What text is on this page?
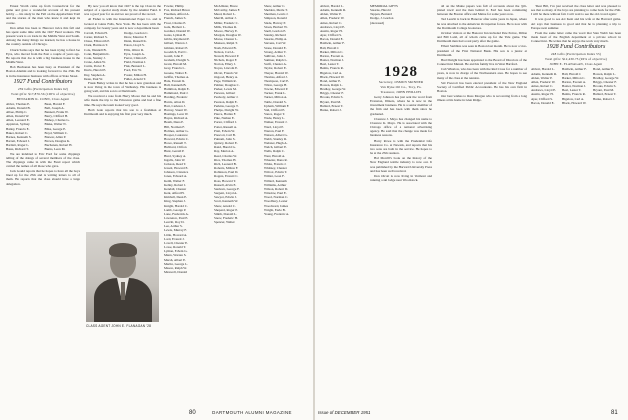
Ernest Worth came up from Connecticut for the game and gave a wonderful account of his present hobby — his study in the Fall on the Appalachian Trail and the stories of the men who knew it and kept its course.

Don Allen has been to Hanover twice this fall and has spent some time with the 1927 Fund workers. His present work is on trade in the Middle West and South. Among the many things we learned, he has a house in the country outside of Chicago.

Chuck Sarles says that he has been trying to find Joe Eyre, who moved from the East a couple of years ago. He reports that Joe is with a big business house in the Middle West.

Bob Buchanan has been busy as President of the Boston Alumni and is looking forward to the 25th. He is in the insurance business with offices at State Street.

1927 Fund Contributors

259 Gifts (Participation Index 62)

Total gifts: $17,876.56 (100% of objective)

BENJAMIN K. CONN, Class Agent

Abbot, Thomas E.
Adams, Donald B.
Albee, Philip C.
Allen, Donald W.
Allen, Leonard E.
Appleton, Sydney
Bailey, Francis E.
Baker, Robert C.
Barnes, Kenneth S.
Barrett, Edward J.
Bartlett, Roger L.
Bates, Richard T.
Bean, Harold F.
Bell, Joseph A.
Bennett, Frank W.
Berry, Clifford H.
Bishop, Charles G.
Blake, Walter N.
Bliss, George E.
Boyd, William C.
Brewer, Allan P.
Brown, Douglas K.
Buchanan, Robert H.
Burns, Leon M.

We are indebted to Eric Ford for some clippings telling of the doings of several members of the class. The clippings came in with the Fund report which carried the names of all those who gave.

Jack Gould reports that he hopes to have all the boys lined up for the 25th and is writing letters to all of them. He reports that the class should have a large delegation.

By now you all know that 1927 is the top Class in the subject of a special study made by the Alumni Fund. It was a good year for us and we are proud of the record.

Al Fisher is with the International Paper Co. and is located at Glens Falls, New York. He has been with the company for twenty years and is now a department head.

Carroll, Edwin H.
Carter, Richard S.
Chase, Ellsworth P.
Clark, Harrison T.
Cole, Wendell B.
Conn, Benjamin K.
Cook, Stanley J.
Crane, Alden W.
Curtis, Porter E.
Davis, Harold E.
Day, Stephen A.
Dean, Paul W.
Dodge, Gordon C.
Drew, Maurice F.
Dunn, Russell K.
Eaton, Lloyd S.
Ellis, Oliver R.
Eyre, Joseph A.
Farrar, Clinton E.
Field, Norman J.
Fisk, Bernard L.
Ford, Eric W.
Foster, Milton H.
Fuller, Arnold T.

Frank Bailey writes in that he has a new grandson and is now living in the town of Wellesley. His business is going well, and his son is at Dartmouth.

We received a note from Harry Moore that he and his wife made the trip to the Princeton game and had a fine time. He says the team looked very good.

Herb Gale reports that his son is a freshman at Dartmouth and is enjoying his first year very much.

CLASS AGENT JOHN E. FLANAGAN '28
Fowler, Phillip
Fox, Richard Bruce
Freeman, Alfred A.
French, James S.
Frost, Charles E.
Gale, Herbert L.
Gardner, Donald W.
Gates, Lyman B.
Gibbs, Raymond P.
Gilbert, Warren J.
Gilman, Robert E.
Goodrich, Earl C.
Gould, John F.
Graham, Dwight S.
Grant, Harold M.
Gray, Francis L.
Greene, Walter E.
Griffin, Thomas A.
Hale, Everett R.
Hall, Kenneth B.
Hamilton, Ralph E.
Hammond, Paul J.
Harding, Frederic
Harris, Alton D.
Hart, Carleton J.
Harvey, Stuart W.
Hastings, Leon W.
Hayes, Richard A.
Heath, Dana P.
Hill, Norman F.
Holmes, Arthur G.
Hooper, Laurence
Howard, Edwin C.
Howe, Russell T.
Hubbard, Clifton
Hunt, Gerald P.
Hurd, Sydney A.
Ingalls, John W.
Jackson, Reed T.
Jewett, Howard E.
Johnson, Clarence
Jones, Edward A.
Keith, Walter F.
Kelley, Robert J.
Kendall, Chester
Kent, Alfred H.
Kimball, Dean E.
King, Stephen J.
Knight, Harold C.
Lamb, George P.
Lane, Frederick A.
Lawrence, Paul E.
Leavitt, Roy D.
Lee, Arthur S.
Lewis, Murray F.
Little, Howard A.
Lord, Everett J.
Lovell, Chester E.
Lowe, Ronald T.
Lyman, Edwin G.
Mann, Warren S.
Marsh, Albert E.
Martin, George L.
Mason, Ralph W.
Maxwell, Donald
McAllister, Bruce
McCarthy, James F.
Mead, Robert L.
Merrill, Arthur J.
Miller, Frederic C.
Mills, Thomas R.
Moore, Harvey E.
Morgan, Douglas W.
Morse, Chester L.
Munson, Ralph T.
Nash, Edward B.
Nelson, Carl A.
Newell, Howard P.
Nichols, Roger F.
Norton, Ellery J.
Noyes, Lincoln E.
Olcott, Francis W.
Osgood, Henry A.
Page, William R.
Palmer, Douglas C.
Parker, Lewis M.
Parsons, Gilbert
Peabody, Arthur J.
Pearson, Ralph E.
Perkins, George T.
Phelps, Dwight W.
Pierce, Harlan F.
Pike, Nathan E.
Porter, Clifford J.
Potter, Russell A.
Pratt, Edwin W.
Prescott, Carl B.
Putnam, John S.
Quincy, Robert E.
Rand, Harold G.
Ray, Merton A.
Reed, Charles W.
Rice, Thomas H.
Rich, Leonard B.
Roberts, Milton F.
Robinson, Paul D.
Rogers, Everett C.
Ross, Howard T.
Russell, Alvin E.
Sanborn, George F.
Sargent, Lloyd A.
Sawyer, Edwin J.
Scott, Kenneth W.
Shaw, Arnold C.
Shepard, Roger P.
Smith, Donald L.
Snow, Frederic H.
Spencer, Walter
Shaw, Arthur C.
Sheldon, Merle T.
Sherman, Lewis J.
Simpson, Ronald
Slade, Harvey P.
Sloan, Herbert W.
Snell, Gordon E.
Stanley, Richard
Stearns, Philip A.
Stevens, Carl W.
Stone, Donald E.
Strong, Arthur T.
Sullivan, John J.
Sumner, Ralph L.
Swift, Chester A.
Taylor, Robert E.
Thayer, Harold W.
Thomas, Alfred J.
Thompson, Carl E.
Tilton, George H.
Towne, Edward P.
Tucker, Frank L.
Turner, Milton A.
Tuttle, Donald S.
Upham, William F.
Vail, Clifford E.
Vance, Roger T.
Wade, Henry L.
Walker, Everett J.
Ward, Lloyd P.
Warren, Paul F.
Watson, Albert G.
Webb, Stanley R.
Webster, Hugh A.
Welch, Gilbert E.
Wells, Ralph C.
West, Harold A.
Wheeler, Dana R.
White, Francis J.
Whitney, Chester
Wilcox, Edwin T.
Wilder, Leon F.
Willard, Kenneth
Williams, Arthur
Wilson, Robert D.
Winslow, Paul E.
Wood, Norman C.
Woodbury, Lester
Woodward, James
Wright, Earle B.
Young, Frederic A.
Abbott, Harold L.
Adams, Kenneth R.
Alden, Walter P.
Allen, Frederic W.
Ames, Robert C.
Andrews, Lloyd E.
Austin, Roger H.
Ayer, Clifford S.
Bacon, Donald E.
Baldwin, Arthur F.
Ball, Harold J.
Barker, Milton C.
Barton, Everett A.
Baxter, Norman J.
Beal, Lester T.
Bemis, Francis R.
Bigelow, Carl A.
Black, Howard W.
Bond, Arthur E.
Bowen, Ralph L.
Bradley, George W.
Briggs, Chester F.
Brooks, Edwin S.
Bryant, Paul M.
Bullard, Ernest T.
Burke, Robert J.
MEMORIAL GIFTS
Stearns, Harold
Tappan, Bernard
Dodge, J. Gordon
(deceased)
1928

Secretary, OSMUN SKINNER

Van Dyke Oil Co., Troy, Pa.

Treasurer, JOHN PHILLIPS

Gerry Johnson has just sent the word from Evanston, Illinois, where he is now in the investment business. He is a senior member of the firm and has been with them since he graduated.

Clarence J. Mayo has changed his name to Clarence K. Mayo. He is associated with the Chicago office of a national advertising agency. He said that the change was made for business reasons.

Harry Rowe is with the Prudential Life Insurance Co. at Newark, and reports that his two sons are both in the service. He hopes to be at the 25th reunion.

Hal Morrill's book on the history of the New England textile industry is now out. It was published by the Harvard University Press and has been well received.

Don Olcott is now living in Vermont and running a ski lodge near Woodstock.

all on the Maine papers was full of accounts about the 'gilt-plated town' and the man behind it. Earl has been commuting between the Boston office and Maine for some years now.

Ted Leavitt is back in Hanover after some years in Japan, where he was attached to the American Occupation forces. He is now with the Dartmouth College bookstore.

October visitors at the Hanover Inn included Pete Peirce, Dillon and Bill Ladd, all of whom came up for the Yale game. The Dartmouth men had a real party after the game.

Elbert Stebbins was seen in Boston last month. He is now a vice-president of the First National Bank. His son is a junior at Dartmouth.

Bud Dwight has been appointed to the Board of Directors of the Connecticut Mutual. He and his family live in West Hartford.

Cub Winslow, who has been with the Red Cross for a number of years, is now in charge of the Northeastern area. He hopes to see many of the class at the reunion.

Sid Prescott has been elected president of the New England Society of Certified Public Accountants. He has his own firm in Boston.

Our best wishes to Russ Morgan who is recovering from a long illness at his home in Glen Ridge.

'Dear Bill, I've just received the class letter and was pleased to see that so many of the boys are planning to come back for the 25th. I will be there without fail. Can't wait to see the old crowd again.'

It was good to see Art Kent and his wife at the Harvard game. Art says that business is good and that he is planning a trip to Europe next summer.

From the same letter came the word that Stan Webb has been made head of the English department at a private school in Connecticut. He writes that he enjoys the work very much.

1928 Fund Contributors

248 Gifts (Participation Index 55)

Total gifts: $12,430.75 (96% of objective)

JOHN E. FLANAGAN, Class Agent

Abbott, Harold L.
Adams, Kenneth R.
Alden, Walter P.
Allen, Frederic W.
Ames, Robert C.
Andrews, Lloyd E.
Austin, Roger H.
Ayer, Clifford S.
Bacon, Donald E.
Baldwin, Arthur F.
Ball, Harold J.
Barker, Milton C.
Barton, Everett A.
Baxter, Norman J.
Beal, Lester T.
Bemis, Francis R.
Bigelow, Carl A.
Black, Howard W.
Bond, Arthur E.
Bowen, Ralph L.
Bradley, George W.
Briggs, Chester F.
Brooks, Edwin S.
Bryant, Paul M.
Bullard, Ernest T.
Burke, Robert J.
80	DARTMOUTH ALUMNI MAGAZINE	Issue of DECEMBER 1951	81
